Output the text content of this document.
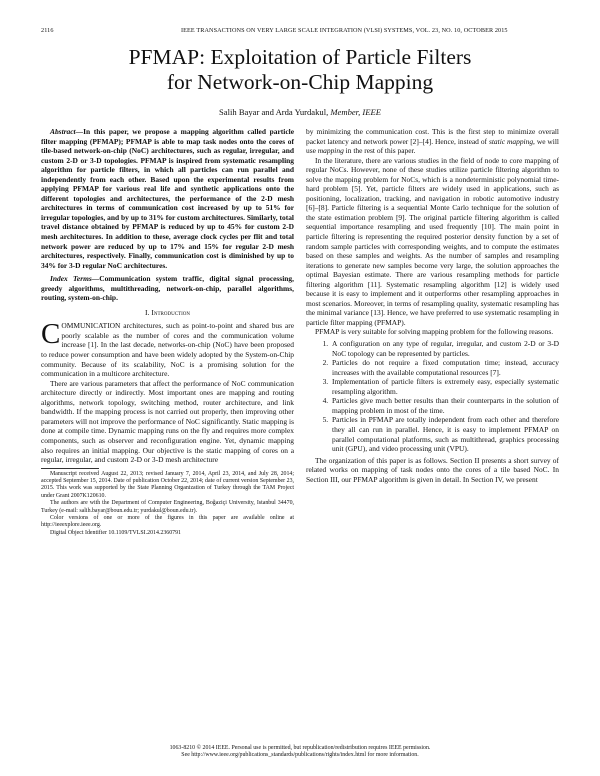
2116	IEEE TRANSACTIONS ON VERY LARGE SCALE INTEGRATION (VLSI) SYSTEMS, VOL. 23, NO. 10, OCTOBER 2015
PFMAP: Exploitation of Particle Filters
for Network-on-Chip Mapping
Salih Bayar and Arda Yurdakul, Member, IEEE

Abstract—In this paper, we propose a mapping algorithm called particle filter mapping (PFMAP); PFMAP is able to map task nodes onto the cores of tile-based network-on-chip (NoC) architectures, such as regular, irregular, and custom 2-D or 3-D topologies. PFMAP is inspired from systematic resampling algorithm for particle filters, in which all particles can run parallel and independently from each other. Based upon the experimental results from applying PFMAP for various real life and synthetic applications onto the different topologies and architectures, the performance of the 2-D mesh architectures in terms of communication cost increased by up to 51% for irregular topologies, and by up to 31% for custom architectures. Similarly, total travel distance obtained by PFMAP is reduced by up to 45% for custom 2-D mesh architectures. In addition to these, average clock cycles per flit and total network power are reduced by up to 17% and 15% for regular 2-D mesh architectures, respectively. Finally, communication cost is diminished by up to 34% for 3-D regular NoC architectures.

Index Terms—Communication system traffic, digital signal processing, greedy algorithms, multithreading, network-on-chip, parallel algorithms, routing, system-on-chip.

I. Introduction

COMMUNICATION architectures, such as point-to-point and shared bus are poorly scalable as the number of cores and the communication volume increase [1]. In the last decade, networks-on-chip (NoC) have been proposed to reduce power consumption and have been widely adopted by the System-on-Chip community. Because of its scalability, NoC is a promising solution for the communication in a multicore architecture.

There are various parameters that affect the performance of NoC communication architecture directly or indirectly. Most important ones are mapping and routing algorithms, network topology, switching method, router architecture, and link bandwidth. If the mapping process is not carried out properly, then improving other parameters will not improve the performance of NoC significantly. Static mapping is done at compile time. Dynamic mapping runs on the fly and requires more complex components, such as observer and reconfiguration engine. Yet, dynamic mapping also requires an initial mapping. Our objective is the static mapping of cores on a regular, irregular, and custom 2-D or 3-D mesh architecture

Manuscript received August 22, 2013; revised January 7, 2014, April 23, 2014, and July 28, 2014; accepted September 15, 2014. Date of publication October 22, 2014; date of current version September 23, 2015. This work was supported by the State Planning Organization of Turkey through the TAM Project under Grant 2007K120610.

The authors are with the Department of Computer Engineering, Boğaziçi University, Istanbul 34470, Turkey (e-mail: salih.bayar@boun.edu.tr; yurdakul@boun.edu.tr).

Color versions of one or more of the figures in this paper are available online at http://ieeexplore.ieee.org.

Digital Object Identifier 10.1109/TVLSI.2014.2360791

by minimizing the communication cost. This is the first step to minimize overall packet latency and network power [2]–[4]. Hence, instead of static mapping, we will use mapping in the rest of this paper.

In the literature, there are various studies in the field of node to core mapping of regular NoCs. However, none of these studies utilize particle filtering algorithm to solve the mapping problem for NoCs, which is a nondeterministic polynomial time-hard problem [5]. Yet, particle filters are widely used in applications, such as positioning, localization, tracking, and navigation in robotic automotive industry [6]–[8]. Particle filtering is a sequential Monte Carlo technique for the solution of the state estimation problem [9]. The original particle filtering algorithm is called sequential importance resampling and used frequently [10]. The main point in particle filtering is representing the required posterior density function by a set of random sample particles with corresponding weights, and to compute the estimates based on these samples and weights. As the number of samples and resampling iterations to generate new samples become very large, the solution approaches the optimal Bayesian estimate. There are various resampling methods for particle filtering algorithm [11]. Systematic resampling algorithm [12] is widely used because it is easy to implement and it outperforms other resampling approaches in most scenarios. Moreover, in terms of resampling quality, systematic resampling has the minimal variance [13]. Hence, we have preferred to use systematic resampling in particle filter mapping (PFMAP).

PFMAP is very suitable for solving mapping problem for the following reasons.

1. A configuration on any type of regular, irregular, and custom 2-D or 3-D NoC topology can be represented by particles.
2. Particles do not require a fixed computation time; instead, accuracy increases with the available computational resources [7].
3. Implementation of particle filters is extremely easy, especially systematic resampling algorithm.
4. Particles give much better results than their counterparts in the solution of mapping problem in most of the time.
5. Particles in PFMAP are totally independent from each other and therefore they all can run in parallel. Hence, it is easy to implement PFMAP on parallel computational platforms, such as multithread, graphics processing unit (GPU), and video processing unit (VPU).

The organization of this paper is as follows. Section II presents a short survey of related works on mapping of task nodes onto the cores of a tile based NoC. In Section III, our PFMAP algorithm is given in detail. In Section IV, we present

1063-8210 © 2014 IEEE. Personal use is permitted, but republication/redistribution requires IEEE permission.
See http://www.ieee.org/publications_standards/publications/rights/index.html for more information.
